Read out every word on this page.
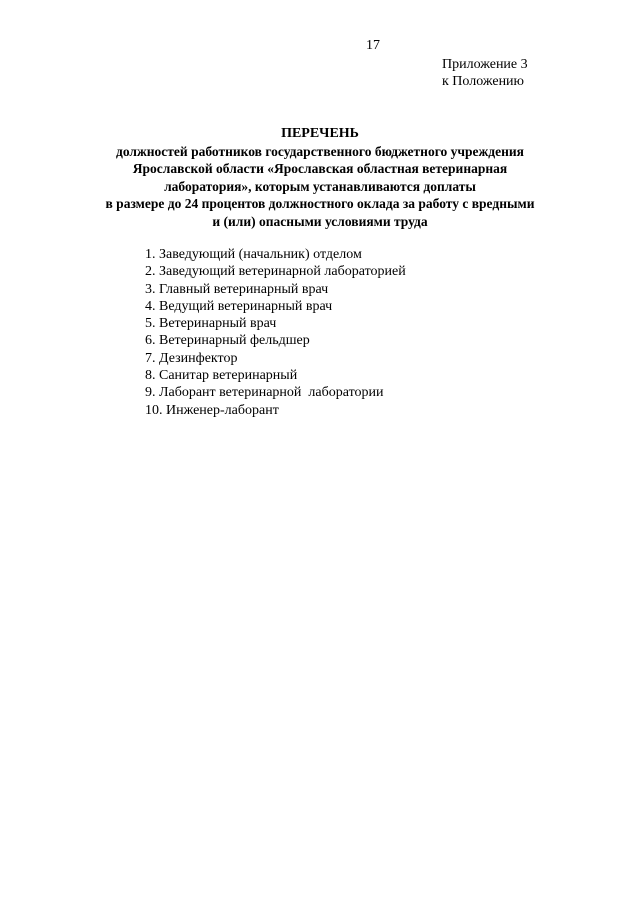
17
Приложение 3
к Положению
ПЕРЕЧЕНЬ
должностей работников государственного бюджетного учреждения
Ярославской области «Ярославская областная ветеринарная
лаборатория», которым устанавливаются доплаты
в размере до 24 процентов должностного оклада за работу с вредными
и (или) опасными условиями труда
1. Заведующий (начальник) отделом
2. Заведующий ветеринарной лабораторией
3. Главный ветеринарный врач
4. Ведущий ветеринарный врач
5. Ветеринарный врач
6. Ветеринарный фельдшер
7. Дезинфектор
8. Санитар ветеринарный
9. Лаборант ветеринарной  лаборатории
10. Инженер-лаборант
